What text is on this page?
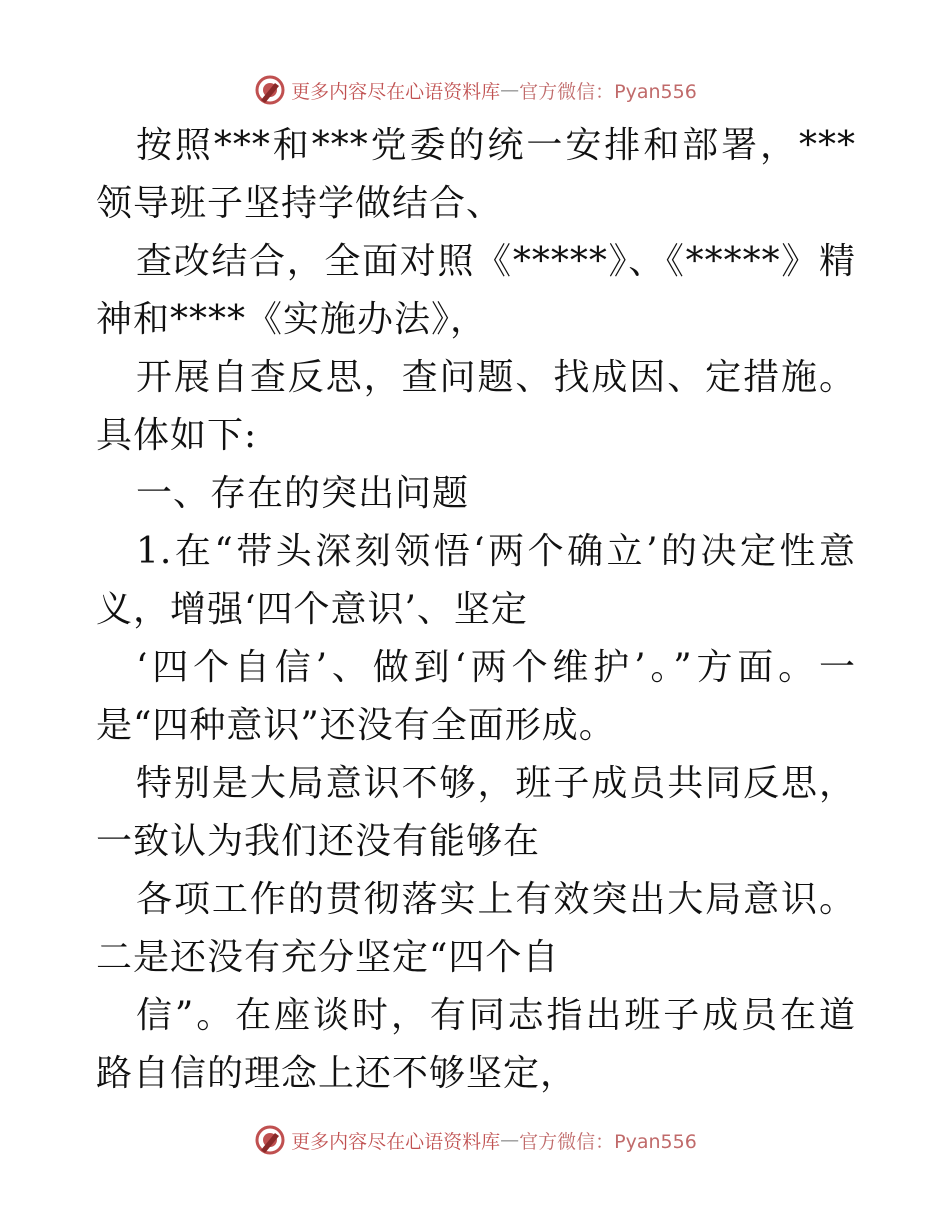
更多内容尽在心语资料库 — 官方微信：Pyan556

按照***和***党委的统一安排和部署，***领导班子坚持学做结合、

查改结合，全面对照《*****》、《*****》精神和****《实施办法》，

开展自查反思，查问题、找成因、定措施。具体如下:

一、存在的突出问题

1.在“带头深刻领悟‘两个确立’的决定性意义，增强‘四个意识’、坚定

‘四个自信’、做到‘两个维护’。”方面。一是“四种意识”还没有全面形成。

特别是大局意识不够，班子成员共同反思，一致认为我们还没有能够在

各项工作的贯彻落实上有效突出大局意识。二是还没有充分坚定“四个自

信”。在座谈时，有同志指出班子成员在道路自信的理念上还不够坚定，

更多内容尽在心语资料库 — 官方微信：Pyan556
